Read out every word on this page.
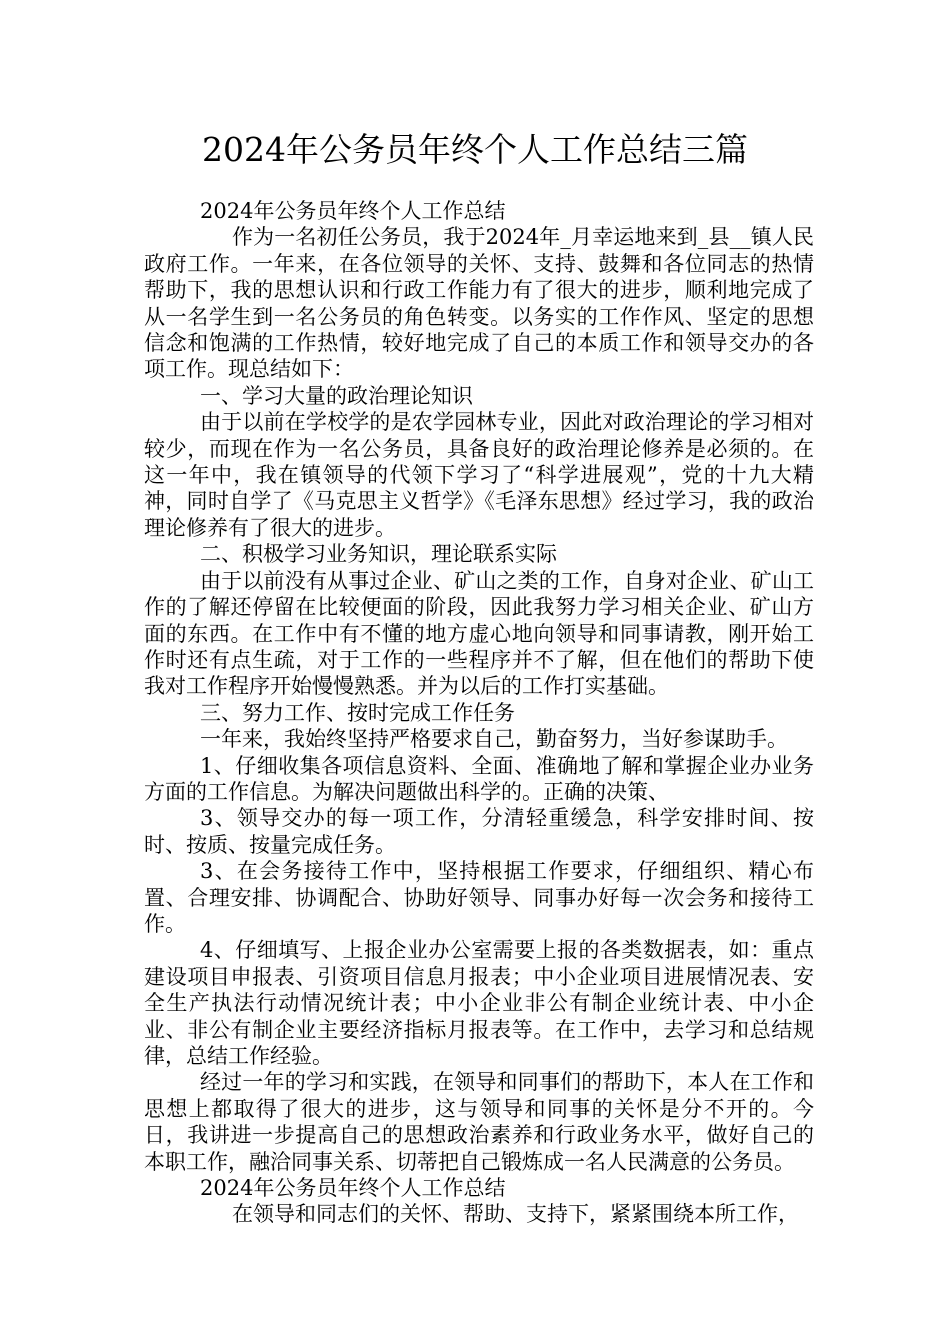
2024年公务员年终个人工作总结三篇

2024年公务员年终个人工作总结

作为一名初任公务员，我于2024年_月幸运地来到_县__镇人民政府工作。一年来，在各位领导的关怀、支持、鼓舞和各位同志的热情帮助下，我的思想认识和行政工作能力有了很大的进步，顺利地完成了从一名学生到一名公务员的角色转变。以务实的工作作风、坚定的思想信念和饱满的工作热情，较好地完成了自己的本质工作和领导交办的各项工作。现总结如下：

一、学习大量的政治理论知识

由于以前在学校学的是农学园林专业，因此对政治理论的学习相对较少，而现在作为一名公务员，具备良好的政治理论修养是必须的。在这一年中，我在镇领导的代领下学习了“科学进展观”，党的十九大精神，同时自学了《马克思主义哲学》《毛泽东思想》经过学习，我的政治理论修养有了很大的进步。

二、积极学习业务知识，理论联系实际

由于以前没有从事过企业、矿山之类的工作，自身对企业、矿山工作的了解还停留在比较便面的阶段，因此我努力学习相关企业、矿山方面的东西。在工作中有不懂的地方虚心地向领导和同事请教，刚开始工作时还有点生疏，对于工作的一些程序并不了解，但在他们的帮助下使我对工作程序开始慢慢熟悉。并为以后的工作打实基础。

三、努力工作、按时完成工作任务

一年来，我始终坚持严格要求自己，勤奋努力，当好参谋助手。

1、仔细收集各项信息资料、全面、准确地了解和掌握企业办业务方面的工作信息。为解决问题做出科学的。正确的决策、

3、领导交办的每一项工作，分清轻重缓急，科学安排时间、按时、按质、按量完成任务。

3、在会务接待工作中，坚持根据工作要求，仔细组织、精心布置、合理安排、协调配合、协助好领导、同事办好每一次会务和接待工作。

4、仔细填写、上报企业办公室需要上报的各类数据表，如：重点建设项目申报表、引资项目信息月报表；中小企业项目进展情况表、安全生产执法行动情况统计表；中小企业非公有制企业统计表、中小企业、非公有制企业主要经济指标月报表等。在工作中，去学习和总结规律，总结工作经验。

经过一年的学习和实践，在领导和同事们的帮助下，本人在工作和思想上都取得了很大的进步，这与领导和同事的关怀是分不开的。今日，我讲进一步提高自己的思想政治素养和行政业务水平，做好自己的本职工作，融洽同事关系、切蒂把自己锻炼成一名人民满意的公务员。

2024年公务员年终个人工作总结

在领导和同志们的关怀、帮助、支持下，紧紧围绕本所工作，
